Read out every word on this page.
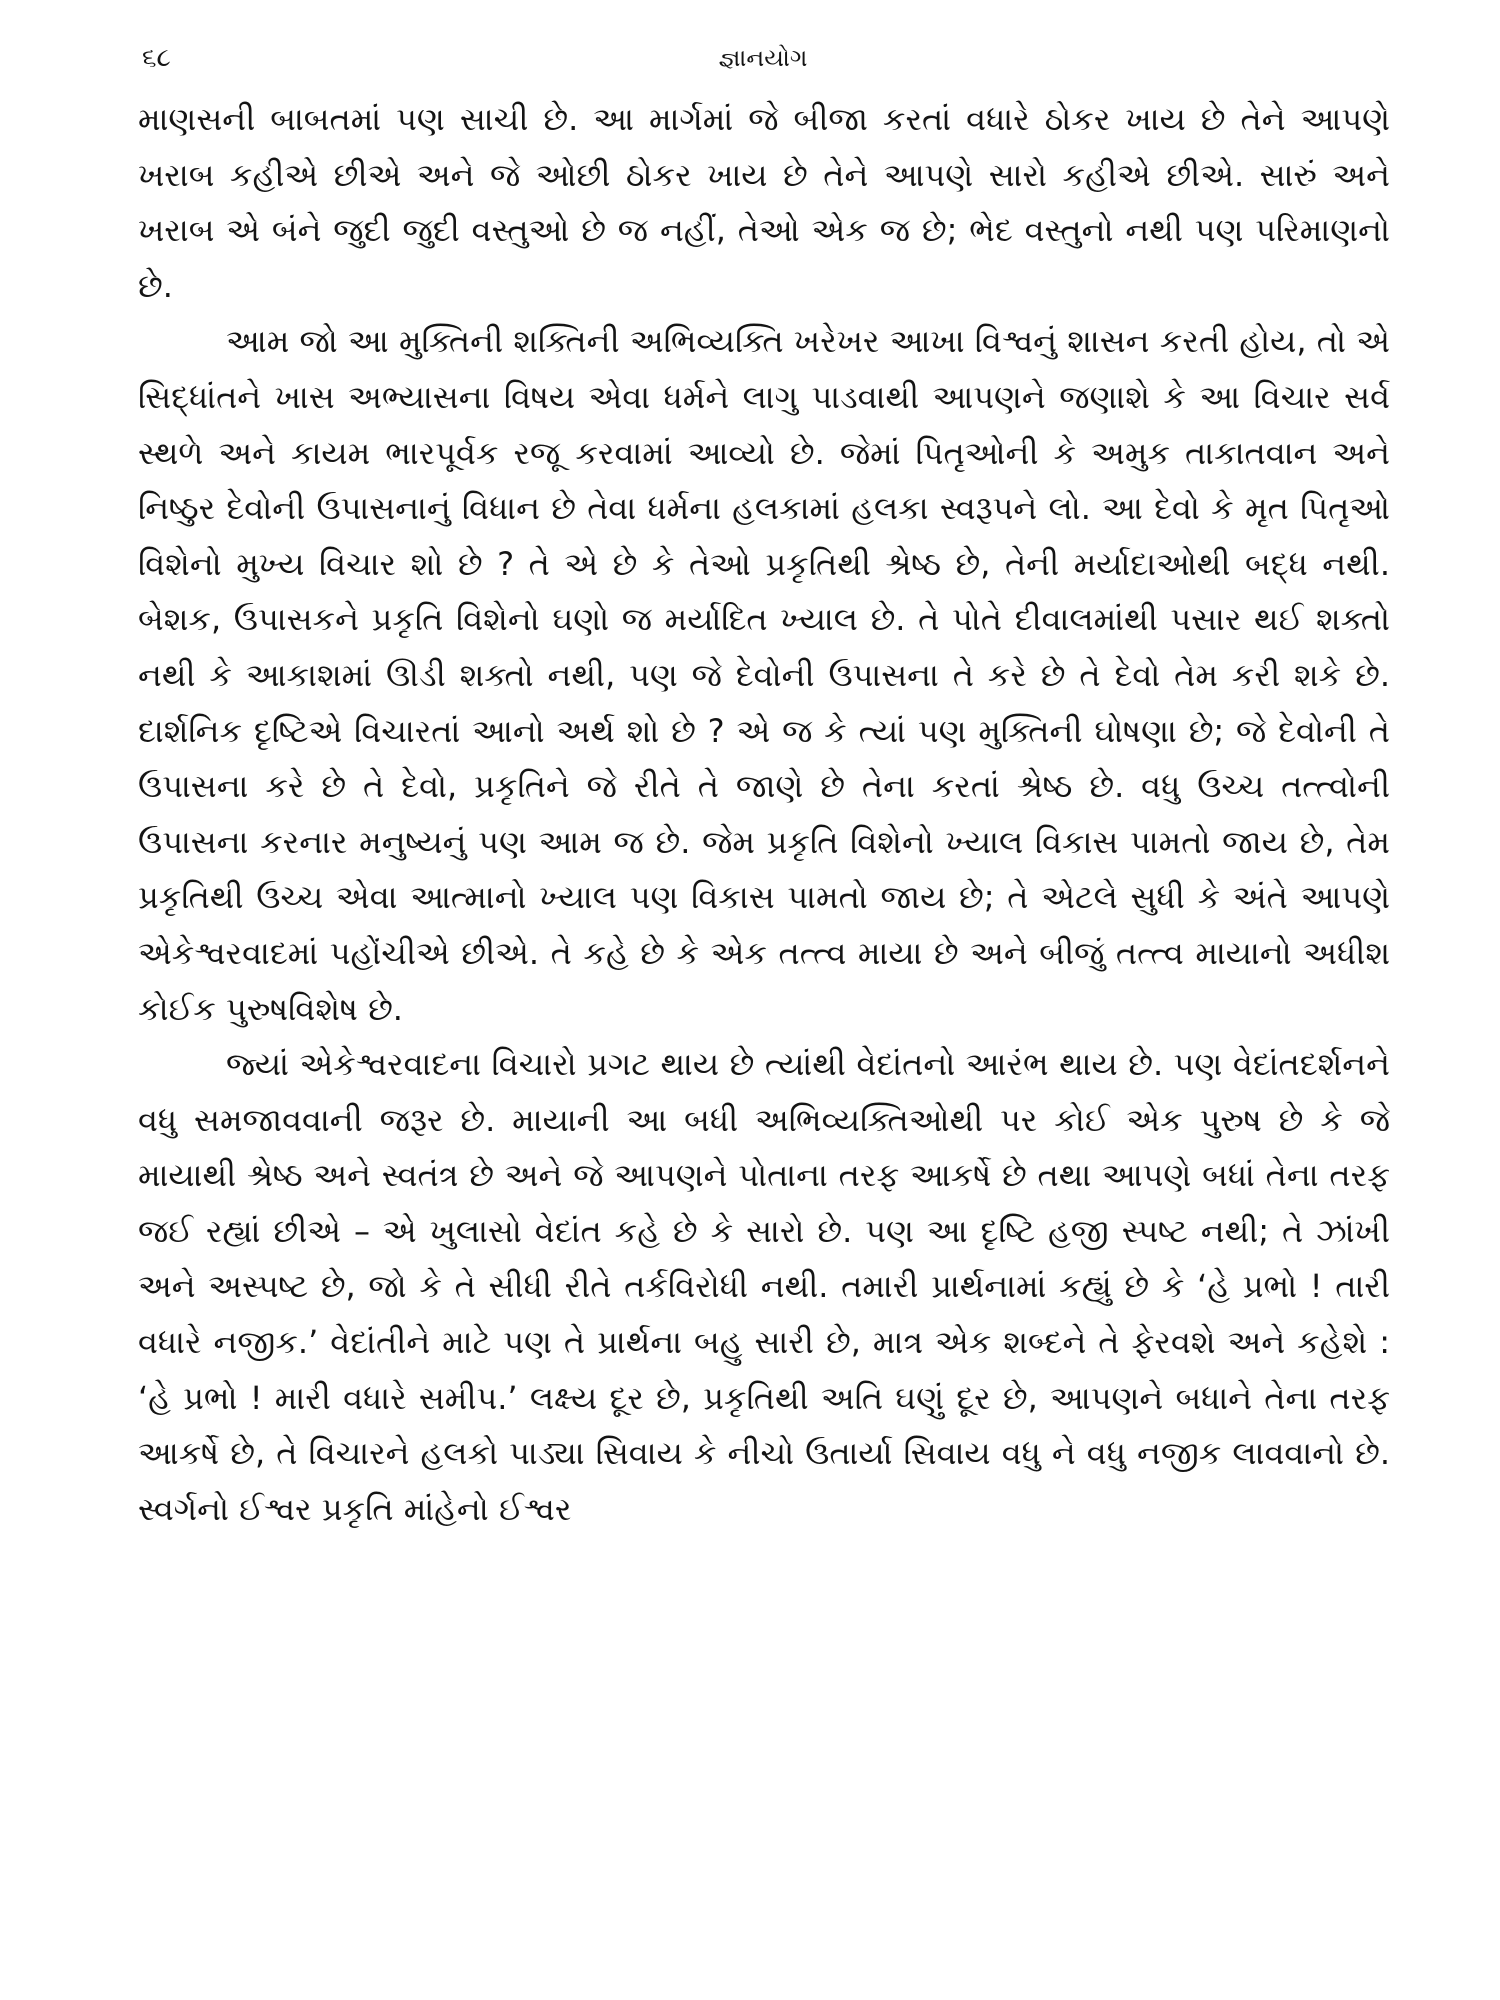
૬૮	જ્ઞાનયોગ

માણસની બાબતમાં પણ સાચી છે. આ માર્ગમાં જે બીજા કરતાં વધારે ઠોકર ખાય છે તેને આપણે ખરાબ કહીએ છીએ અને જે ઓછી ઠોકર ખાય છે તેને આપણે સારો કહીએ છીએ. સારું અને ખરાબ એ બંને જુદી જુદી વસ્તુઓ છે જ નહીં, તેઓ એક જ છે; ભેદ વસ્તુનો નથી પણ પરિમાણનો છે.

આમ જો આ મુક્તિની શક્તિની અભિવ્યક્તિ ખરેખર આખા વિશ્વનું શાસન કરતી હોય, તો એ સિદ્ધાંતને ખાસ અભ્યાસના વિષય એવા ધર્મને લાગુ પાડવાથી આપણને જણાશે કે આ વિચાર સર્વ સ્થળે અને કાયમ ભારપૂર્વક રજૂ કરવામાં આવ્યો છે. જેમાં પિતૃઓની કે અમુક તાકાતવાન અને નિષ્ઠુર દેવોની ઉપાસનાનું વિધાન છે તેવા ધર્મના હલકામાં હલકા સ્વરૂપને લો. આ દેવો કે મૃત પિતૃઓ વિશેનો મુખ્ય વિચાર શો છે ? તે એ છે કે તેઓ પ્રકૃતિથી શ્રેષ્ઠ છે, તેની મર્યાદાઓથી બદ્ધ નથી. બેશક, ઉપાસકને પ્રકૃતિ વિશેનો ઘણો જ મર્યાદિત ખ્યાલ છે. તે પોતે દીવાલમાંથી પસાર થઈ શક્તો નથી કે આકાશમાં ઊડી શક્તો નથી, પણ જે દેવોની ઉપાસના તે કરે છે તે દેવો તેમ કરી શકે છે. દાર્શનિક દૃષ્ટિએ વિચારતાં આનો અર્થ શો છે ? એ જ કે ત્યાં પણ મુક્તિની ઘોષણા છે; જે દેવોની તે ઉપાસના કરે છે તે દેવો, પ્રકૃતિને જે રીતે તે જાણે છે તેના કરતાં શ્રેષ્ઠ છે. વધુ ઉચ્ચ તત્ત્વોની ઉપાસના કરનાર મનુષ્યનું પણ આમ જ છે. જેમ પ્રકૃતિ વિશેનો ખ્યાલ વિકાસ પામતો જાય છે, તેમ પ્રકૃતિથી ઉચ્ચ એવા આત્માનો ખ્યાલ પણ વિકાસ પામતો જાય છે; તે એટલે સુધી કે અંતે આપણે એકેશ્વરવાદમાં પહોંચીએ છીએ. તે કહે છે કે એક તત્ત્વ માયા છે અને બીજું તત્ત્વ માયાનો અધીશ કોઈક પુરુષવિશેષ છે.

જ્યાં એકેશ્વરવાદના વિચારો પ્રગટ થાય છે ત્યાંથી વેદાંતનો આરંભ થાય છે. પણ વેદાંતદર્શનને વધુ સમજાવવાની જરૂર છે. માયાની આ બધી અભિવ્યક્તિઓથી પર કોઈ એક પુરુષ છે કે જે માયાથી શ્રેષ્ઠ અને સ્વતંત્ર છે અને જે આપણને પોતાના તરફ આકર્ષે છે તથા આપણે બધાં તેના તરફ જઈ રહ્યાં છીએ – એ ખુલાસો વેદાંત કહે છે કે સારો છે. પણ આ દૃષ્ટિ હજી સ્પષ્ટ નથી; તે ઝાંખી અને અસ્પષ્ટ છે, જો કે તે સીધી રીતે તર્કવિરોધી નથી. તમારી પ્રાર્થનામાં કહ્યું છે કે ‘હે પ્રભો ! તારી વધારે નજીક.’ વેદાંતીને માટે પણ તે પ્રાર્થના બહુ સારી છે, માત્ર એક શબ્દને તે ફેરવશે અને કહેશે : ‘હે પ્રભો ! મારી વધારે સમીપ.’ લક્ષ્ય દૂર છે, પ્રકૃતિથી અતિ ઘણું દૂર છે, આપણને બધાને તેના તરફ આકર્ષે છે, તે વિચારને હલકો પાડ્યા સિવાય કે નીચો ઉતાર્યા સિવાય વધુ ને વધુ નજીક લાવવાનો છે. સ્વર્ગનો ઈશ્વર પ્રકૃતિ માંહેનો ઈશ્વર
